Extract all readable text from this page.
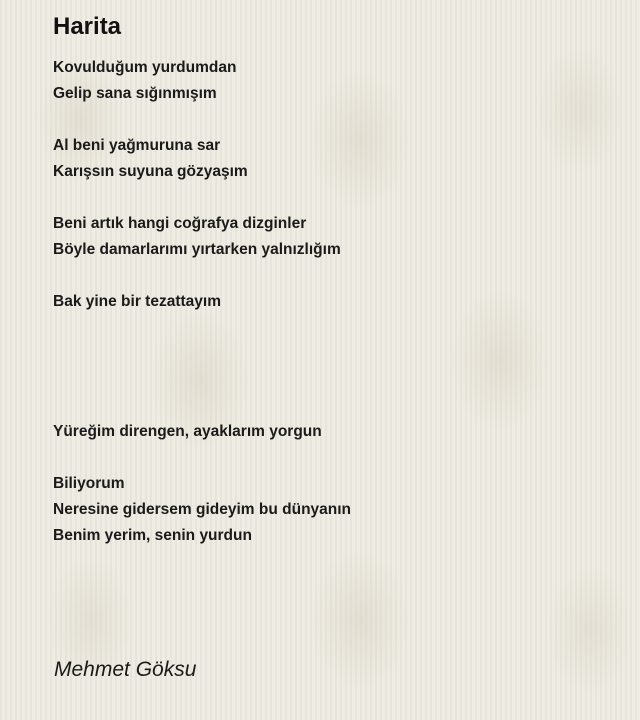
Harita
Kovulduğum yurdumdan
Gelip sana sığınmışım
Al beni yağmuruna sar
Karışsın suyuna gözyaşım
Beni artık hangi coğrafya dizginler
Böyle damarlarımı yırtarken yalnızlığım
Bak yine bir tezattayım
Yüreğim direngen, ayaklarım yorgun
Biliyorum
Neresine gidersem gideyim bu dünyanın
Benim yerim, senin yurdun
Mehmet Göksu
